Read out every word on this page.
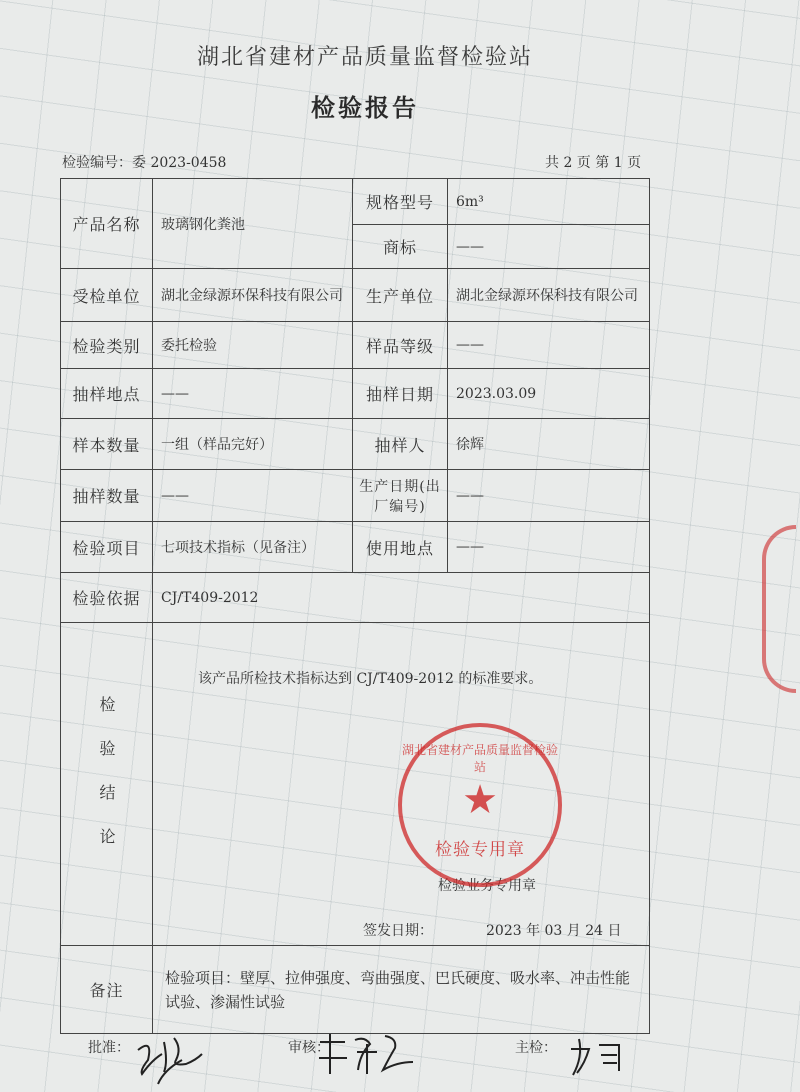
湖北省建材产品质量监督检验站
检验报告
检验编号：委 2023-0458	共 2 页 第 1 页
产品名称	玻璃钢化粪池	规格型号	6m³
		商标	——
受检单位	湖北金绿源环保科技有限公司	生产单位	湖北金绿源环保科技有限公司
检验类别	委托检验	样品等级	——
抽样地点	——	抽样日期	2023.03.09
样本数量	一组（样品完好）	抽样人	徐辉
抽样数量	——	生产日期(出厂编号)	——
检验项目	七项技术指标（见备注）	使用地点	——
检验依据	CJ/T409-2012		
检验结论	该产品所检技术指标达到 CJ/T409-2012 的标准要求。
检验业务专用章
签发日期： 2023 年 03 月 24 日		

备注	检验项目：壁厚、拉伸强度、弯曲强度、巴氏硬度、吸水率、冲击性能试验、渗漏性试验		
湖北省建材产品质量监督检验站
★
检验专用章
批准：	审核：	主检：
